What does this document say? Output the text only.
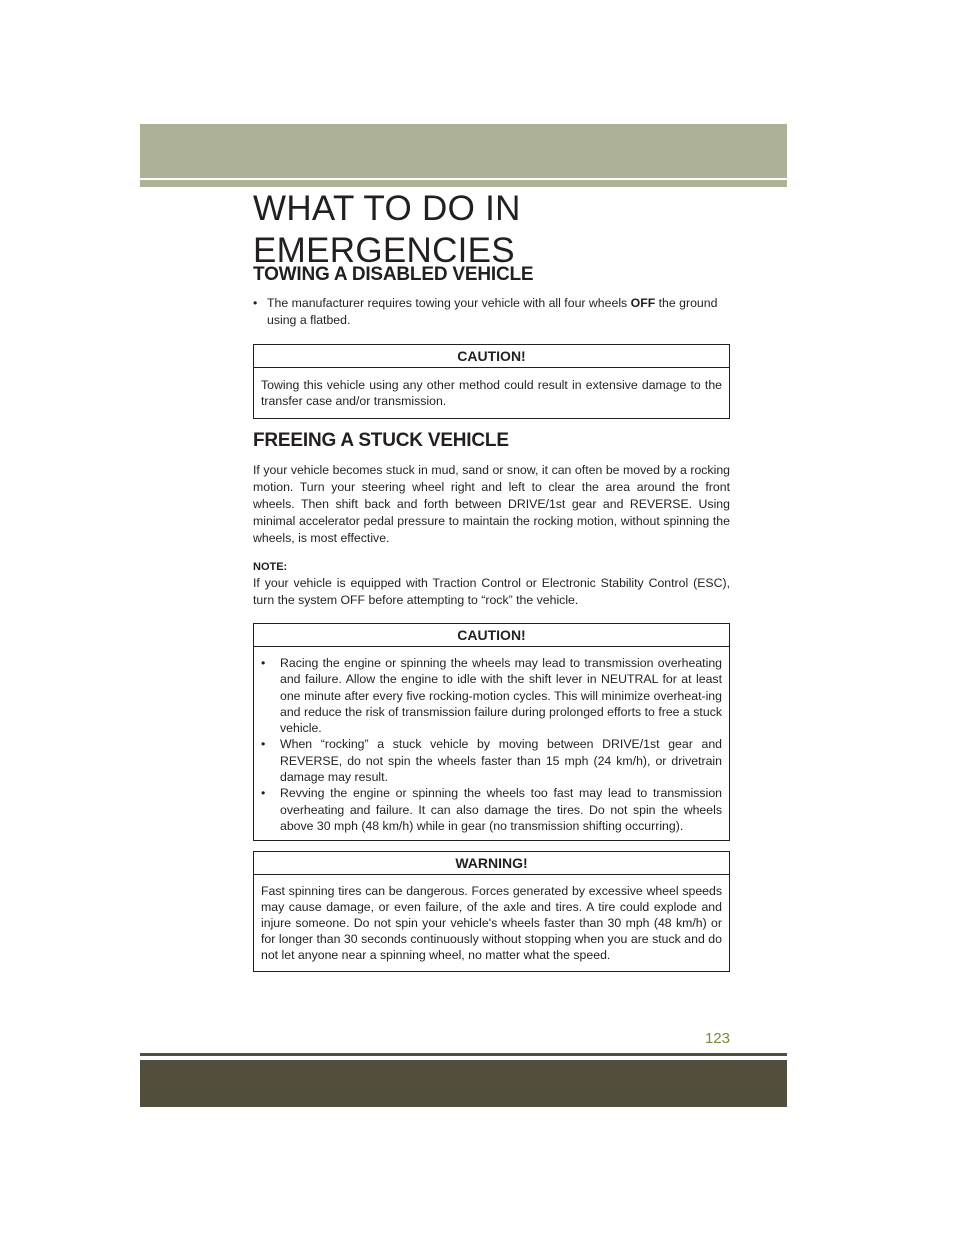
WHAT TO DO IN EMERGENCIES
TOWING A DISABLED VEHICLE
• The manufacturer requires towing your vehicle with all four wheels OFF the ground using a flatbed.
CAUTION!
Towing this vehicle using any other method could result in extensive damage to the transfer case and/or transmission.
FREEING A STUCK VEHICLE
If your vehicle becomes stuck in mud, sand or snow, it can often be moved by a rocking motion. Turn your steering wheel right and left to clear the area around the front wheels. Then shift back and forth between DRIVE/1st gear and REVERSE. Using minimal accelerator pedal pressure to maintain the rocking motion, without spinning the wheels, is most effective.
NOTE:
If your vehicle is equipped with Traction Control or Electronic Stability Control (ESC), turn the system OFF before attempting to “rock” the vehicle.
CAUTION!
• Racing the engine or spinning the wheels may lead to transmission overheating and failure. Allow the engine to idle with the shift lever in NEUTRAL for at least one minute after every five rocking-motion cycles. This will minimize overheat-ing and reduce the risk of transmission failure during prolonged efforts to free a stuck vehicle.
• When “rocking” a stuck vehicle by moving between DRIVE/1st gear and REVERSE, do not spin the wheels faster than 15 mph (24 km/h), or drivetrain damage may result.
• Revving the engine or spinning the wheels too fast may lead to transmission overheating and failure. It can also damage the tires. Do not spin the wheels above 30 mph (48 km/h) while in gear (no transmission shifting occurring).
WARNING!
Fast spinning tires can be dangerous. Forces generated by excessive wheel speeds may cause damage, or even failure, of the axle and tires. A tire could explode and injure someone. Do not spin your vehicle's wheels faster than 30 mph (48 km/h) or for longer than 30 seconds continuously without stopping when you are stuck and do not let anyone near a spinning wheel, no matter what the speed.
123
